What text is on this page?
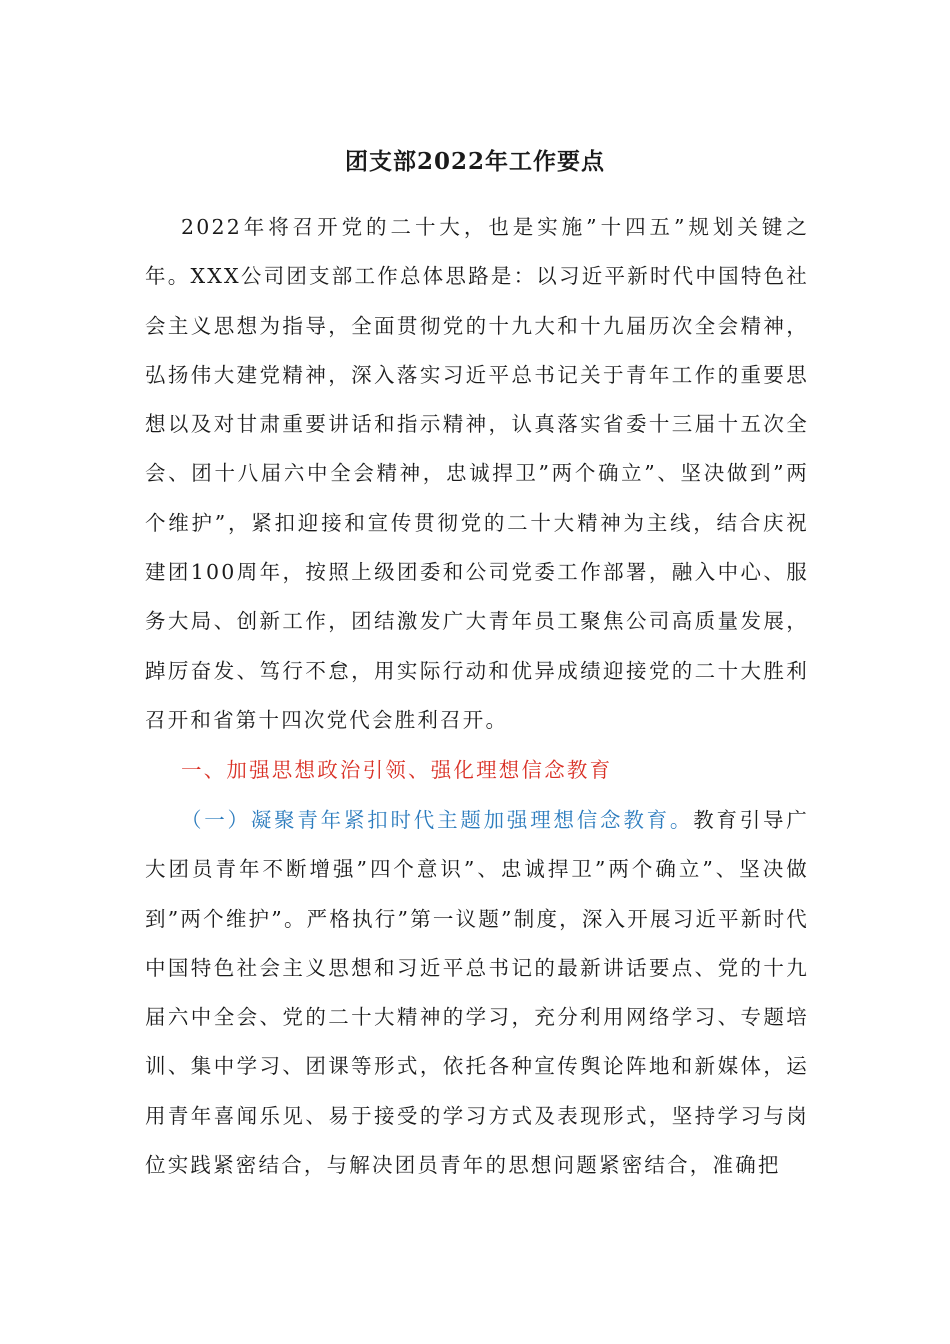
团支部2022年工作要点

2022年将召开党的二十大，也是实施”十四五”规划关键之年。XXX公司团支部工作总体思路是：以习近平新时代中国特色社会主义思想为指导，全面贯彻党的十九大和十九届历次全会精神，弘扬伟大建党精神，深入落实习近平总书记关于青年工作的重要思想以及对甘肃重要讲话和指示精神，认真落实省委十三届十五次全会、团十八届六中全会精神，忠诚捍卫”两个确立”、坚决做到”两个维护”，紧扣迎接和宣传贯彻党的二十大精神为主线，结合庆祝建团100周年，按照上级团委和公司党委工作部署，融入中心、服务大局、创新工作，团结激发广大青年员工聚焦公司高质量发展，踔厉奋发、笃行不怠，用实际行动和优异成绩迎接党的二十大胜利召开和省第十四次党代会胜利召开。

一、加强思想政治引领、强化理想信念教育

（一）凝聚青年紧扣时代主题加强理想信念教育。教育引导广大团员青年不断增强”四个意识”、忠诚捍卫”两个确立”、坚决做到”两个维护”。严格执行”第一议题”制度，深入开展习近平新时代中国特色社会主义思想和习近平总书记的最新讲话要点、党的十九届六中全会、党的二十大精神的学习，充分利用网络学习、专题培训、集中学习、团课等形式，依托各种宣传舆论阵地和新媒体，运用青年喜闻乐见、易于接受的学习方式及表现形式，坚持学习与岗位实践紧密结合，与解决团员青年的思想问题紧密结合，准确把
